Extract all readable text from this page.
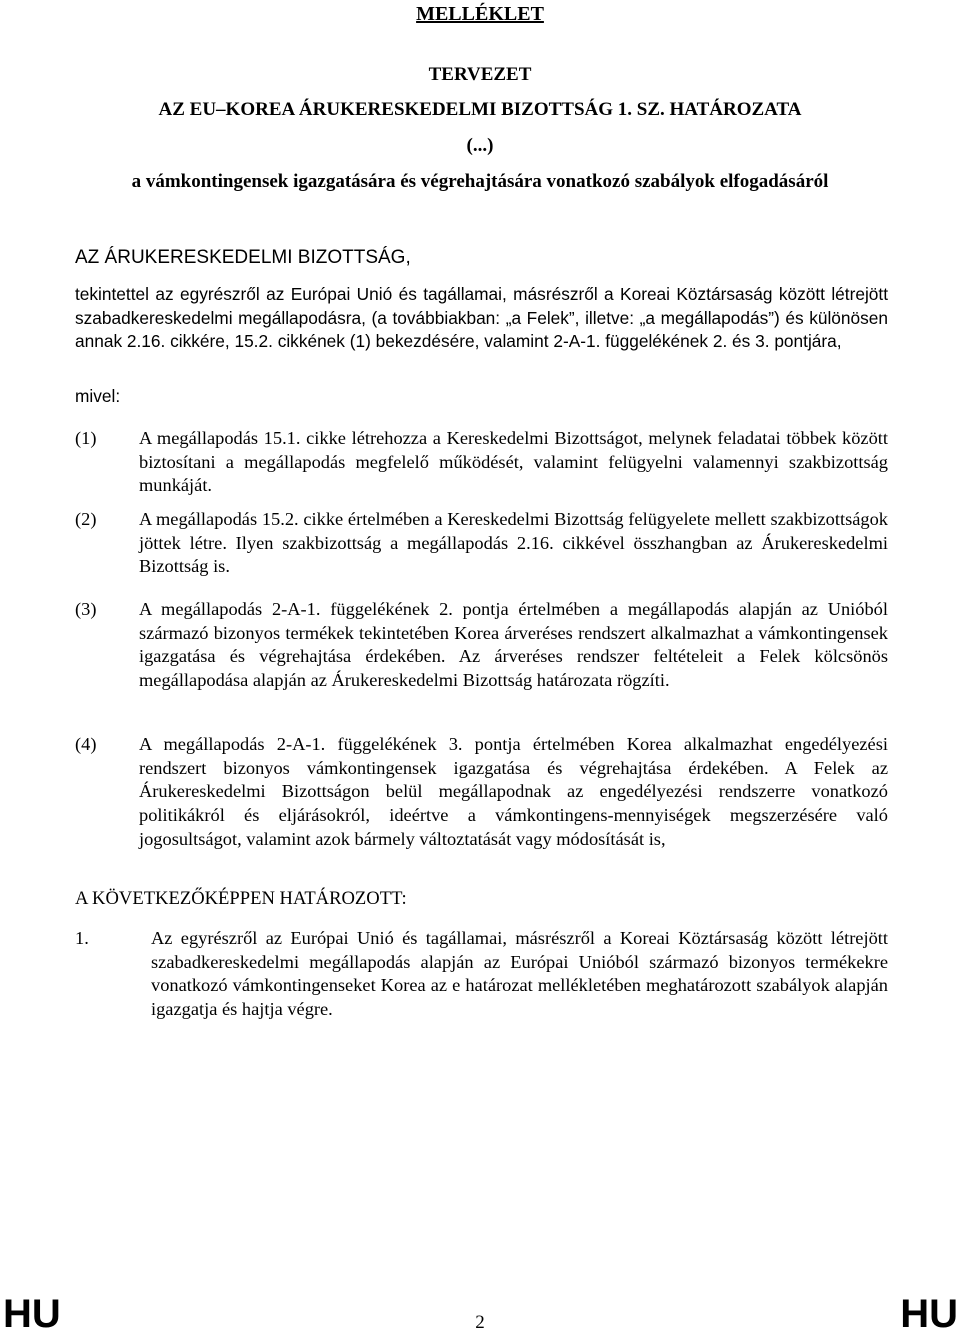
MELLÉKLET
TERVEZET
AZ EU–KOREA ÁRUKERESKEDELMI BIZOTTSÁG 1. SZ. HATÁROZATA
(...)
a vámkontingensek igazgatására és végrehajtására vonatkozó szabályok elfogadásáról
AZ ÁRUKERESKEDELMI BIZOTTSÁG,
tekintettel az egyrészről az Európai Unió és tagállamai, másrészről a Koreai Köztársaság között létrejött szabadkereskedelmi megállapodásra, (a továbbiakban: „a Felek”, illetve: „a megállapodás”) és különösen annak 2.16. cikkére, 15.2. cikkének (1) bekezdésére, valamint 2-A-1. függelékének 2. és 3. pontjára,
mivel:
(1) A megállapodás 15.1. cikke létrehozza a Kereskedelmi Bizottságot, melynek feladatai többek között biztosítani a megállapodás megfelelő működését, valamint felügyelni valamennyi szakbizottság munkáját.
(2) A megállapodás 15.2. cikke értelmében a Kereskedelmi Bizottság felügyelete mellett szakbizottságok jöttek létre. Ilyen szakbizottság a megállapodás 2.16. cikkével összhangban az Árukereskedelmi Bizottság is.
(3) A megállapodás 2-A-1. függelékének 2. pontja értelmében a megállapodás alapján az Unióból származó bizonyos termékek tekintetében Korea árveréses rendszert alkalmazhat a vámkontingensek igazgatása és végrehajtása érdekében. Az árveréses rendszer feltételeit a Felek kölcsönös megállapodása alapján az Árukereskedelmi Bizottság határozata rögzíti.
(4) A megállapodás 2-A-1. függelékének 3. pontja értelmében Korea alkalmazhat engedélyezési rendszert bizonyos vámkontingensek igazgatása és végrehajtása érdekében. A Felek az Árukereskedelmi Bizottságon belül megállapodnak az engedélyezési rendszerre vonatkozó politikákról és eljárásokról, ideértve a vámkontingens-mennyiségek megszerzésére való jogosultságot, valamint azok bármely változtatását vagy módosítását is,
A KÖVETKEZŐKÉPPEN HATÁROZOTT:
1.	Az egyrészről az Európai Unió és tagállamai, másrészről a Koreai Köztársaság között létrejött szabadkereskedelmi megállapodás alapján az Európai Unióból származó bizonyos termékekre vonatkozó vámkontingenseket Korea az e határozat mellékletében meghatározott szabályok alapján igazgatja és hajtja végre.
HU	2	HU
